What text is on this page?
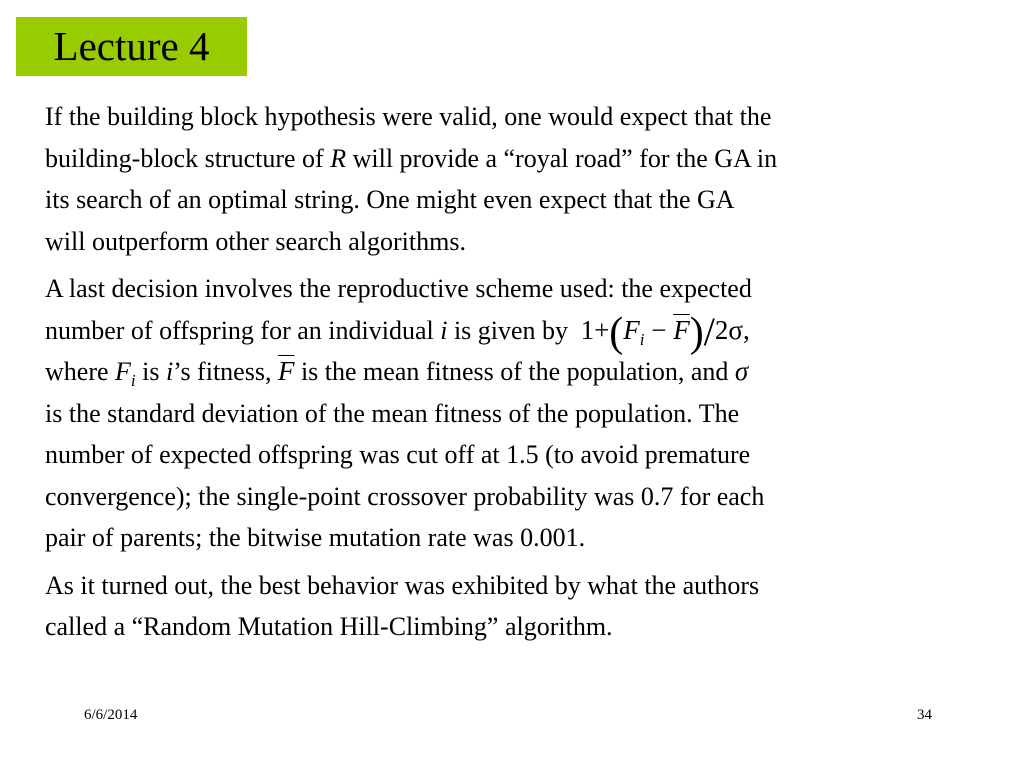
Lecture 4
If the building block hypothesis were valid, one would expect that the
building-block structure of R will provide a “royal road” for the GA in
its search of an optimal string. One might even expect that the GA
will outperform other search algorithms.
A last decision involves the reproductive scheme used: the expected
number of offspring for an individual i is given by $1+(F_i - \overline{F})/2\sigma$,
where $F_i$ is i’s fitness, $\overline{F}$ is the mean fitness of the population, and σ
is the standard deviation of the mean fitness of the population. The
number of expected offspring was cut off at 1.5 (to avoid premature
convergence); the single-point crossover probability was 0.7 for each
pair of parents; the bitwise mutation rate was 0.001.
As it turned out, the best behavior was exhibited by what the authors
called a “Random Mutation Hill-Climbing” algorithm.
6/6/2014	34
